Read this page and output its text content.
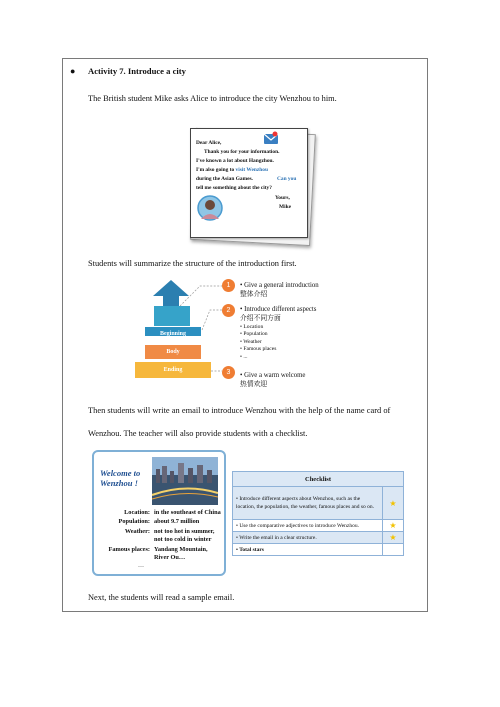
● Activity 7. Introduce a city
The British student Mike asks Alice to introduce the city Wenzhou to him.
Dear Alice,
Thank you for your information.
I've known a lot about Hangzhou.
I'm also going to visit Wenzhou
during the Asian Games.
tell me something about the city?
Can you
Yours,
Mike
Students will summarize the structure of the introduction first.
Beginning
Body
Ending
1	• Give a general introduction
整体介绍
2	• Introduce different aspects
介绍不同方面
• Location
• Population
• Weather
• Famous places
• ...
3	• Give a warm welcome
热情欢迎
Then students will write an email to introduce Wenzhou with the help of the name card of
Wenzhou. The teacher will also provide students with a checklist.
Welcome to
Wenzhou !
Location: in the southeast of China
Population: about 9.7 million
Weather: not too hot in summer,
not too cold in winter
Famous places: Yandang Mountain,
River Ou…
…
Checklist	
• Introduce different aspects about Wenzhou, such as the location, the population, the weather, famous places and so on.	★
• Use the comparative adjectives to introduce Wenzhou.	★
• Write the email in a clear structure.	★
• Total stars	
Next, the students will read a sample email.
